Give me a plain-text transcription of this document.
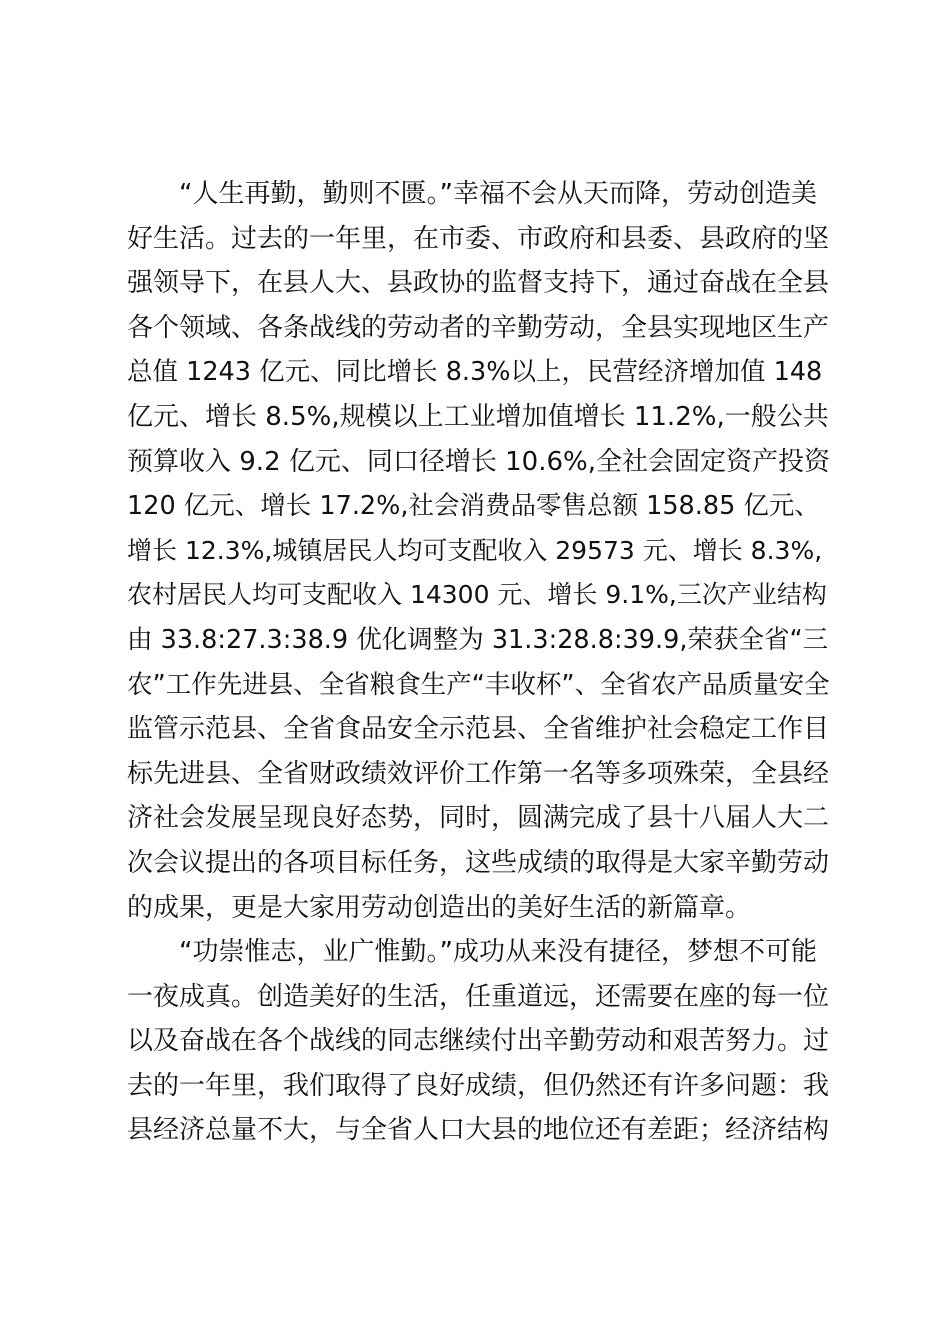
“人生再勤，勤则不匮。”幸福不会从天而降，劳动创造美
好生活。过去的一年里，在市委、市政府和县委、县政府的坚
强领导下，在县人大、县政协的监督支持下，通过奋战在全县
各个领域、各条战线的劳动者的辛勤劳动，全县实现地区生产
总值 1243 亿元、同比增长 8.3%以上，民营经济增加值 148
亿元、增长 8.5%,规模以上工业增加值增长 11.2%,一般公共
预算收入 9.2 亿元、同口径增长 10.6%,全社会固定资产投资
120 亿元、增长 17.2%,社会消费品零售总额 158.85 亿元、
增长 12.3%,城镇居民人均可支配收入 29573 元、增长 8.3%,
农村居民人均可支配收入 14300 元、增长 9.1%,三次产业结构
由 33.8:27.3:38.9 优化调整为 31.3:28.8:39.9,荣获全省“三
农”工作先进县、全省粮食生产“丰收杯”、全省农产品质量安全
监管示范县、全省食品安全示范县、全省维护社会稳定工作目
标先进县、全省财政绩效评价工作第一名等多项殊荣，全县经
济社会发展呈现良好态势，同时，圆满完成了县十八届人大二
次会议提出的各项目标任务，这些成绩的取得是大家辛勤劳动
的成果，更是大家用劳动创造出的美好生活的新篇章。
“功崇惟志，业广惟勤。”成功从来没有捷径，梦想不可能
一夜成真。创造美好的生活，任重道远，还需要在座的每一位
以及奋战在各个战线的同志继续付出辛勤劳动和艰苦努力。过
去的一年里，我们取得了良好成绩，但仍然还有许多问题：我
县经济总量不大，与全省人口大县的地位还有差距；经济结构
